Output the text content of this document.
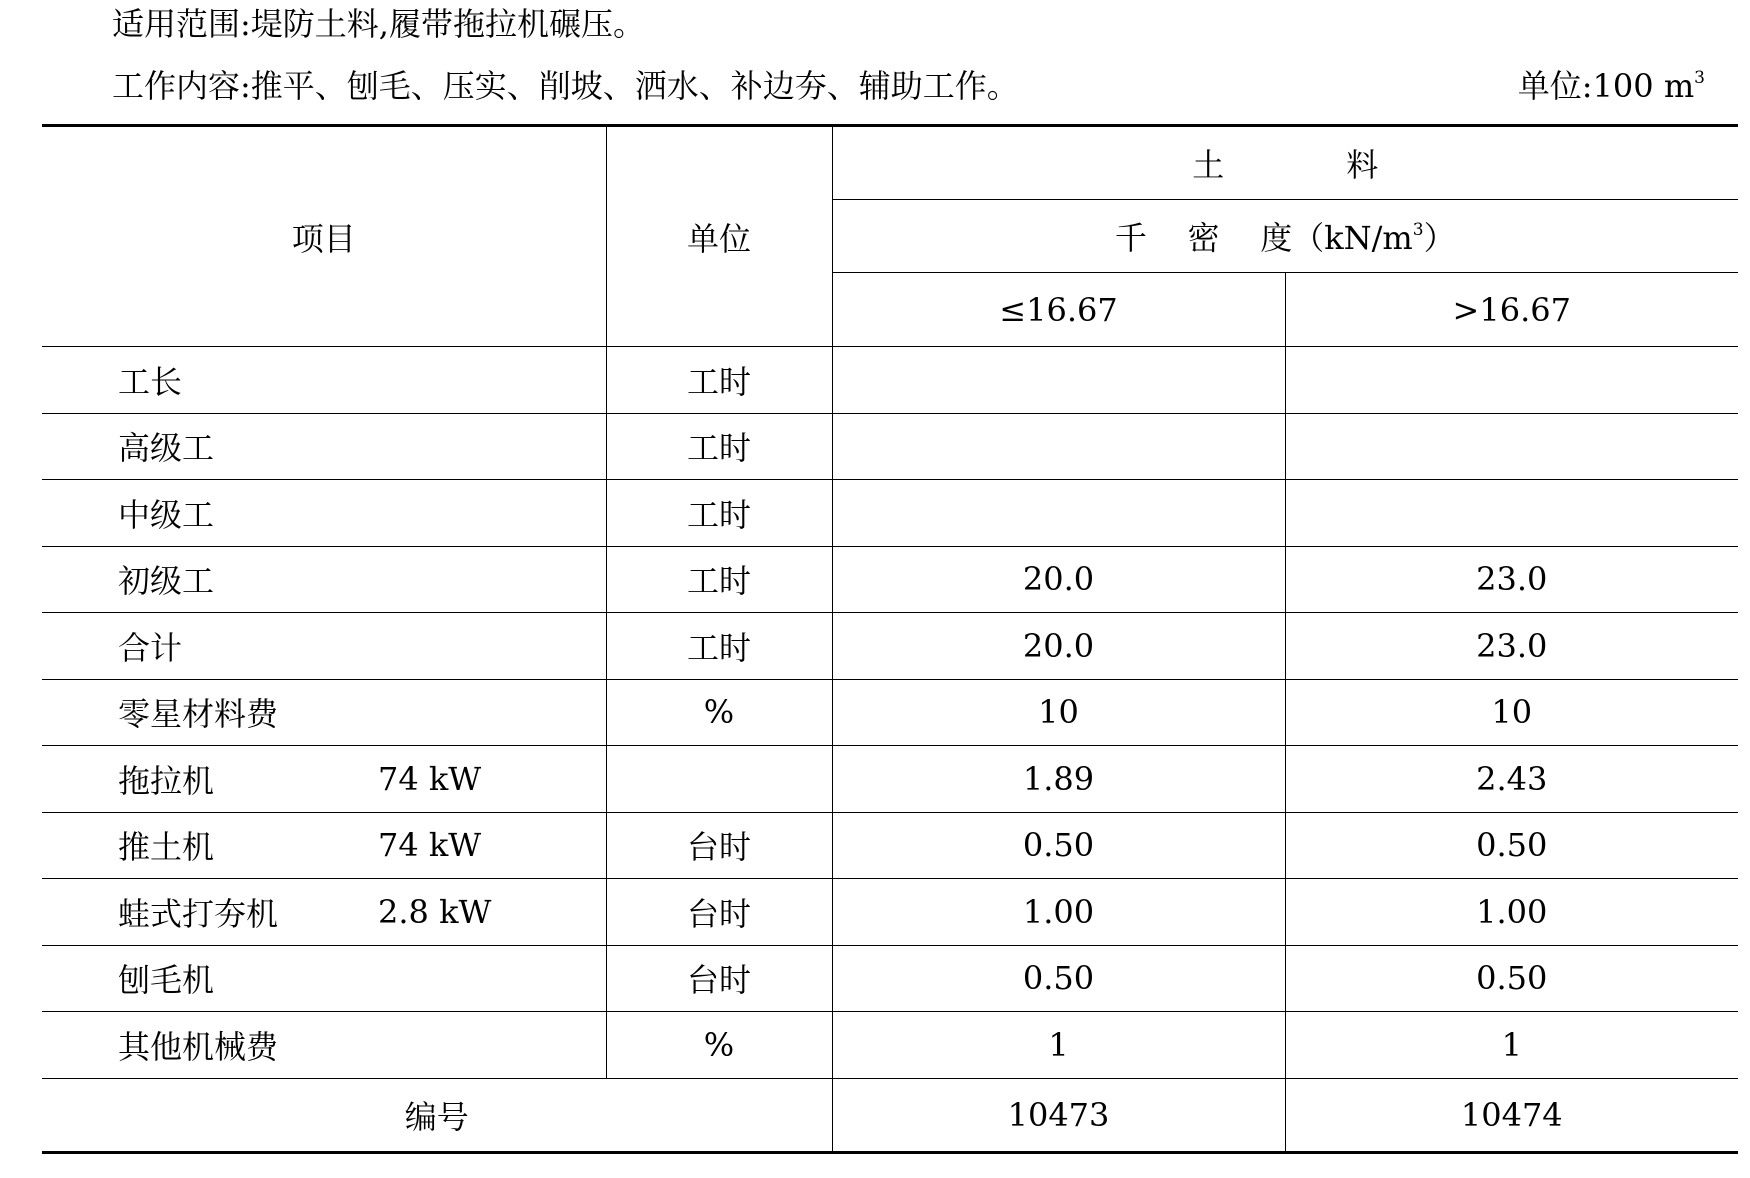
适用范围:堤防土料,履带拖拉机碾压。
工作内容:推平、刨毛、压实、削坡、洒水、补边夯、辅助工作。	单位:100 $m^3$
项目	单位	土            料	
		千    密    度$(kN/m^3)$	
		≤16.67	>16.67
工长	工时		
高级工	工时		
中级工	工时		
初级工	工时	20.0	23.0
合计	工时	20.0	23.0
零星材料费	%	10	10
拖拉机 74 kW		1.89	2.43
推土机 74 kW	台时	0.50	0.50
蛙式打夯机 2.8 kW	台时	1.00	1.00
刨毛机	台时	0.50	0.50
其他机械费	%	1	1
编号		10473	10474
